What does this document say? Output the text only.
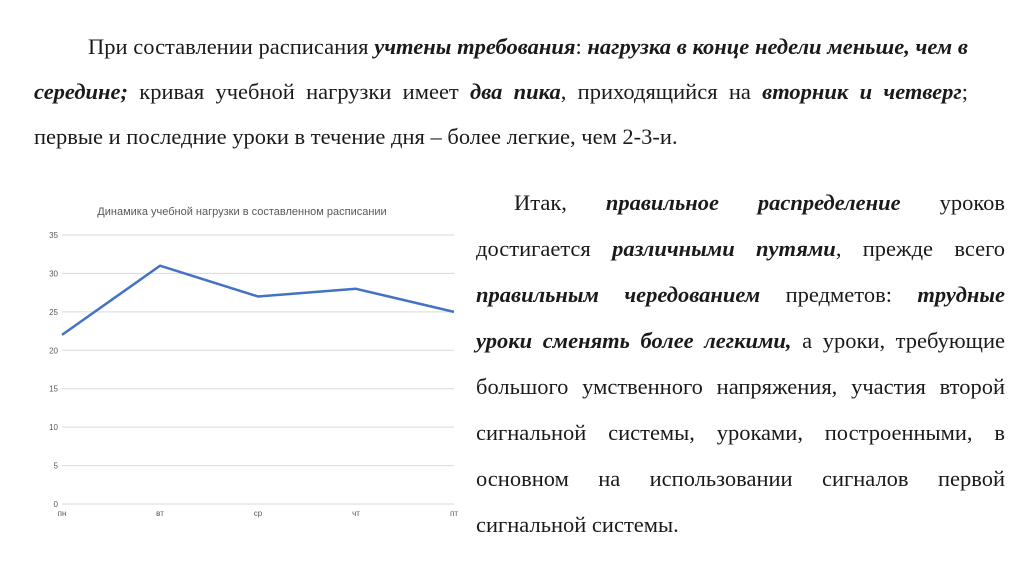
При составлении расписания учтены требования: нагрузка в конце недели меньше, чем в середине; кривая учебной нагрузки имеет два пика, приходящийся на вторник и четверг; первые и последние уроки в течение дня – более легкие, чем 2-3-и.

Динамика учебной нагрузки в составленном расписании
0
5
10
15
20
25
30
35
пн	вт	ср	чт	пт

Итак, правильное распределение уроков достигается различными путями, прежде всего правильным чередованием предметов: трудные уроки сменять более легкими, а уроки, требующие большого умственного напряжения, участия второй сигнальной системы, уроками, построенными, в основном на использовании сигналов первой сигнальной системы.
